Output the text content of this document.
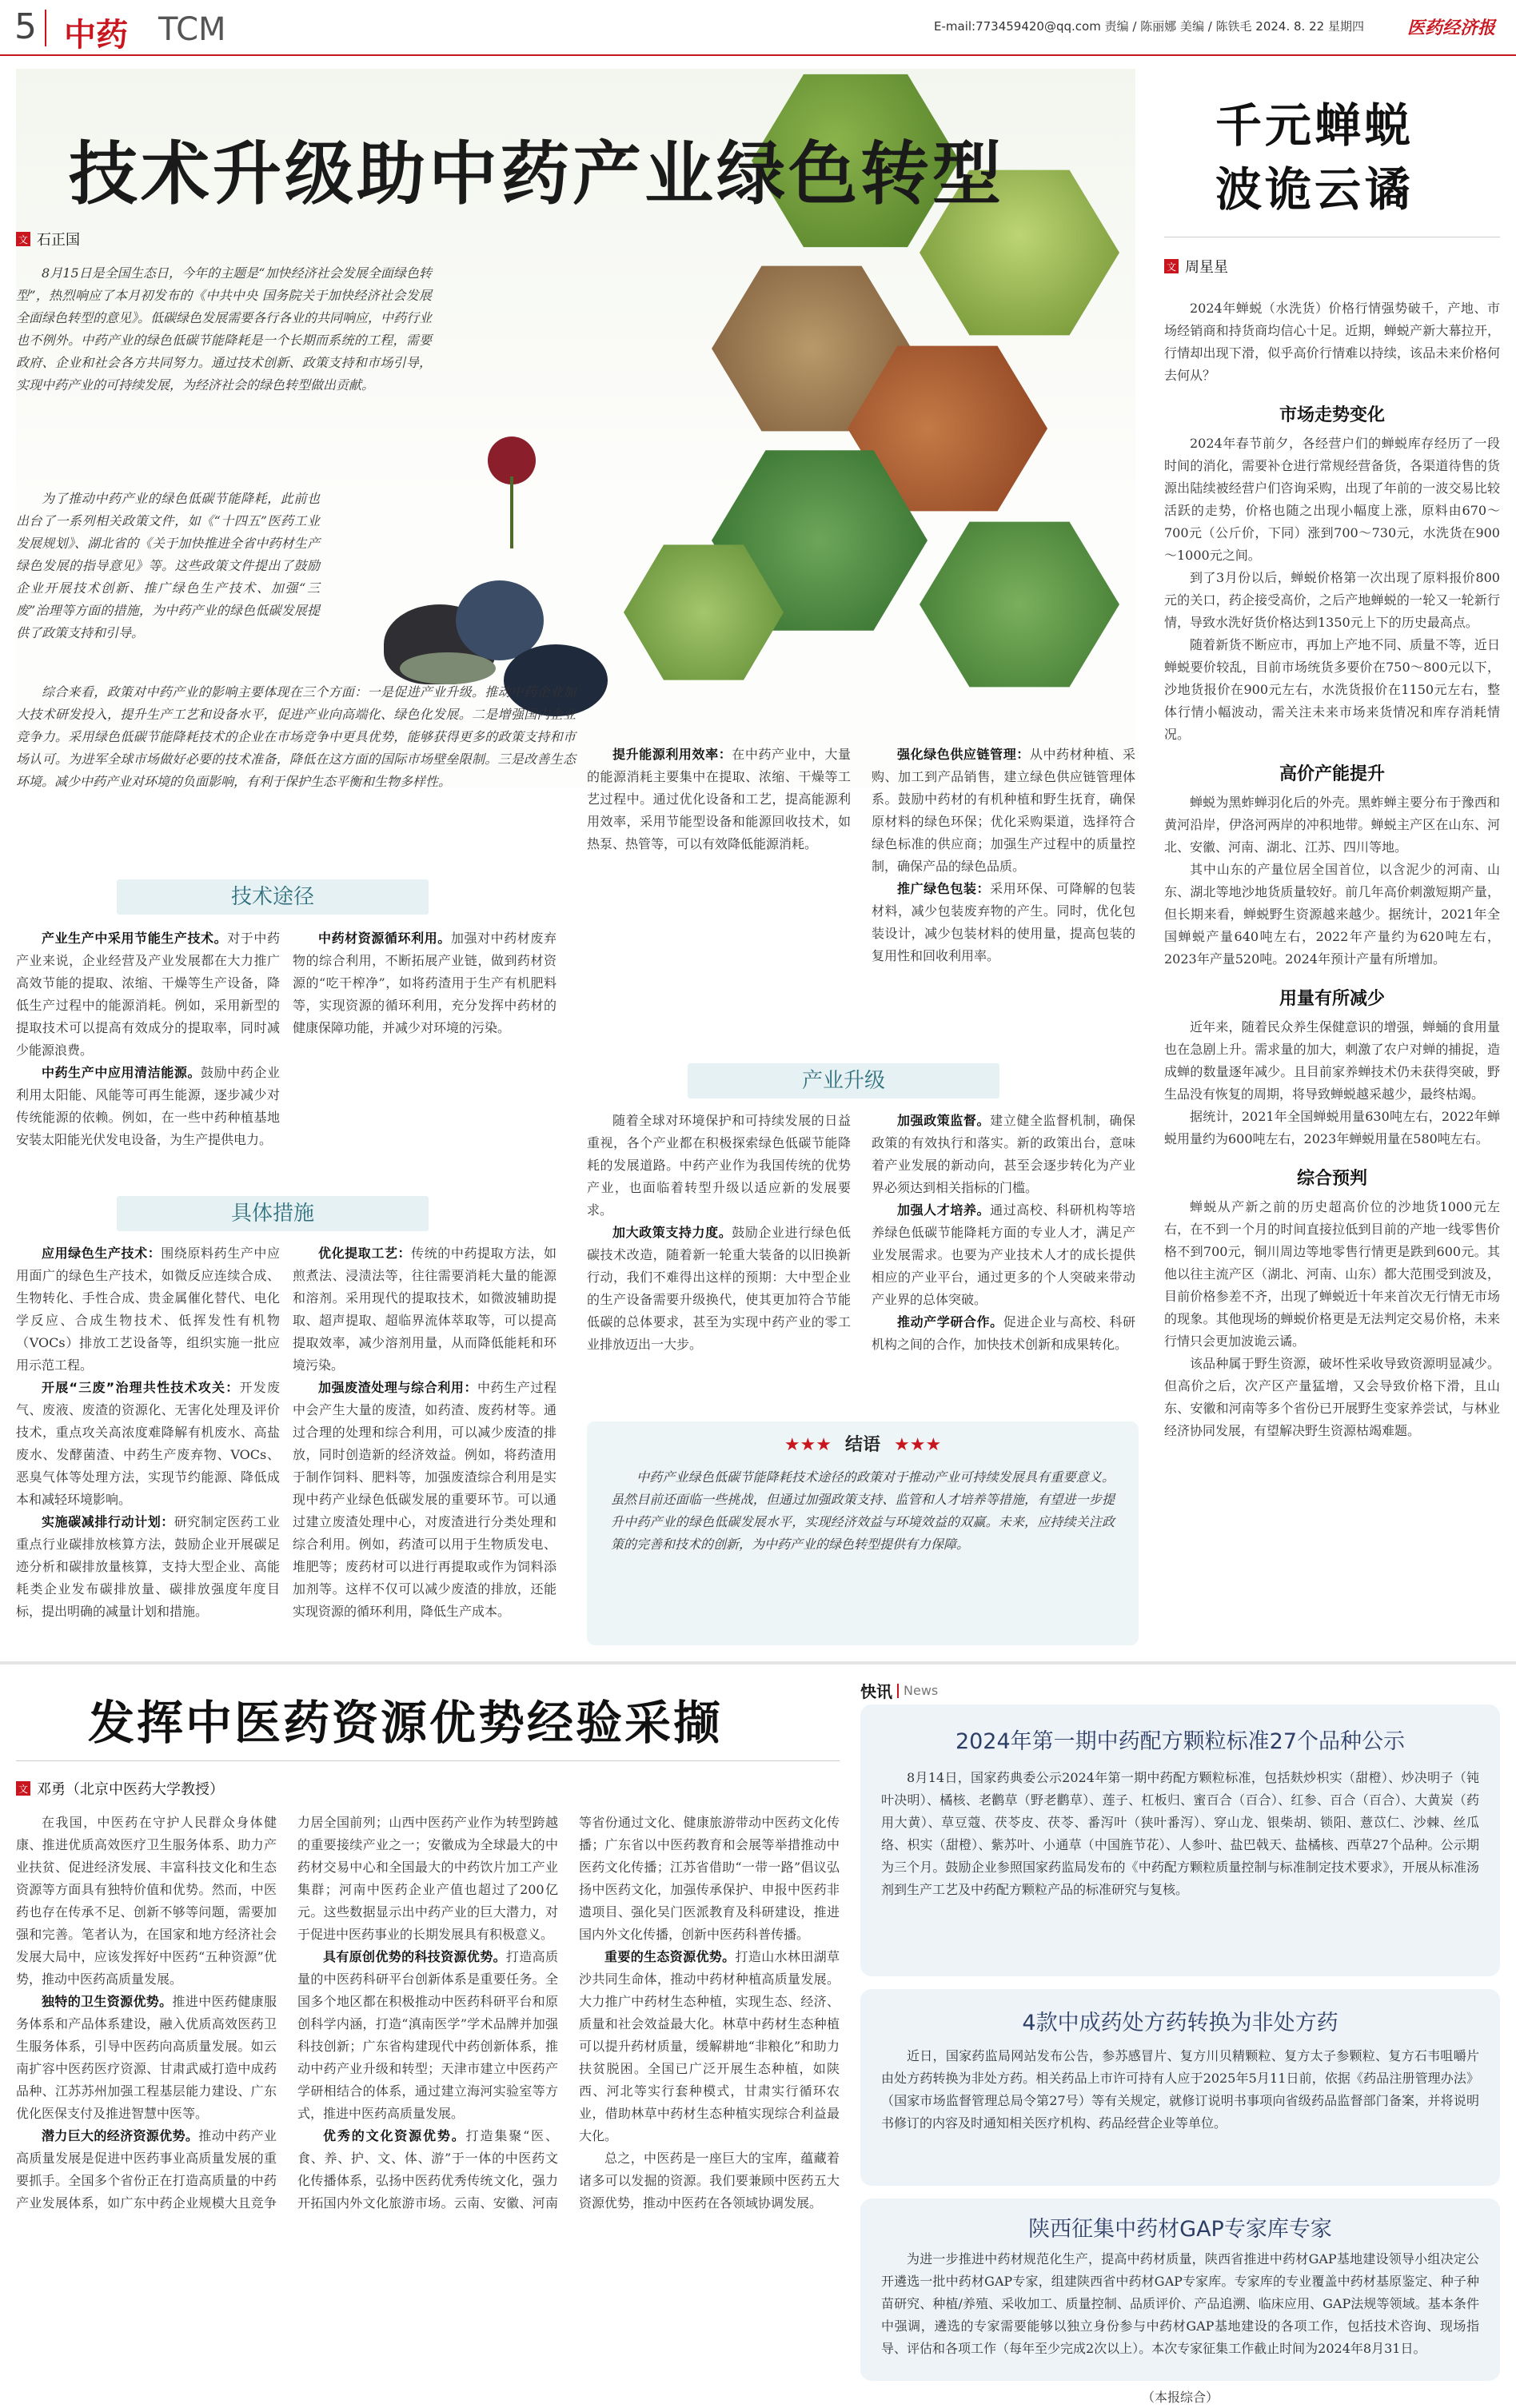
5 中药 TCM	E-mail:773459420@qq.com 责编 / 陈丽娜 美编 / 陈铁毛 2024. 8. 22 星期四 医药经济报
技术升级助中药产业绿色转型
文 石正国
8月15日是全国生态日，今年的主题是“加快经济社会发展全面绿色转型”，热烈响应了本月初发布的《中共中央 国务院关于加快经济社会发展全面绿色转型的意见》。低碳绿色发展需要各行各业的共同响应，中药行业也不例外。中药产业的绿色低碳节能降耗是一个长期而系统的工程，需要政府、企业和社会各方共同努力。通过技术创新、政策支持和市场引导，实现中药产业的可持续发展，为经济社会的绿色转型做出贡献。
为了推动中药产业的绿色低碳节能降耗，此前也出台了一系列相关政策文件，如《“十四五”医药工业发展规划》、湖北省的《关于加快推进全省中药材生产绿色发展的指导意见》等。这些政策文件提出了鼓励企业开展技术创新、推广绿色生产技术、加强“三废”治理等方面的措施，为中药产业的绿色低碳发展提供了政策支持和引导。
综合来看，政策对中药产业的影响主要体现在三个方面：一是促进产业升级。推动中药企业加大技术研发投入，提升生产工艺和设备水平，促进产业向高端化、绿色化发展。二是增强国内企业竞争力。采用绿色低碳节能降耗技术的企业在市场竞争中更具优势，能够获得更多的政策支持和市场认可。为进军全球市场做好必要的技术准备，降低在这方面的国际市场壁垒限制。三是改善生态环境。减少中药产业对环境的负面影响，有利于保护生态平衡和生物多样性。
技术途径
产业生产中采用节能生产技术。对于中药产业来说，企业经营及产业发展都在大力推广高效节能的提取、浓缩、干燥等生产设备，降低生产过程中的能源消耗。例如，采用新型的提取技术可以提高有效成分的提取率，同时减少能源浪费。
中药生产中应用清洁能源。鼓励中药企业利用太阳能、风能等可再生能源，逐步减少对传统能源的依赖。例如，在一些中药种植基地安装太阳能光伏发电设备，为生产提供电力。
中药材资源循环利用。加强对中药材废弃物的综合利用，不断拓展产业链，做到药材资源的“吃干榨净”，如将药渣用于生产有机肥料等，实现资源的循环利用，充分发挥中药材的健康保障功能，并减少对环境的污染。
具体措施
应用绿色生产技术：围绕原料药生产中应用面广的绿色生产技术，如微反应连续合成、生物转化、手性合成、贵金属催化替代、电化学反应、合成生物技术、低挥发性有机物（VOCs）排放工艺设备等，组织实施一批应用示范工程。
开展“三废”治理共性技术攻关：开发废气、废液、废渣的资源化、无害化处理及评价技术，重点攻关高浓度难降解有机废水、高盐废水、发酵菌渣、中药生产废弃物、VOCs、恶臭气体等处理方法，实现节约能源、降低成本和减轻环境影响。
实施碳减排行动计划：研究制定医药工业重点行业碳排放核算方法，鼓励企业开展碳足迹分析和碳排放量核算，支持大型企业、高能耗类企业发布碳排放量、碳排放强度年度目标，提出明确的减量计划和措施。
优化提取工艺：传统的中药提取方法，如煎煮法、浸渍法等，往往需要消耗大量的能源和溶剂。采用现代的提取技术，如微波辅助提取、超声提取、超临界流体萃取等，可以提高提取效率，减少溶剂用量，从而降低能耗和环境污染。
加强废渣处理与综合利用：中药生产过程中会产生大量的废渣，如药渣、废药材等。通过合理的处理和综合利用，可以减少废渣的排放，同时创造新的经济效益。例如，将药渣用于制作饲料、肥料等，加强废渣综合利用是实现中药产业绿色低碳发展的重要环节。可以通过建立废渣处理中心，对废渣进行分类处理和综合利用。例如，药渣可以用于生物质发电、堆肥等；废药材可以进行再提取或作为饲料添加剂等。这样不仅可以减少废渣的排放，还能实现资源的循环利用，降低生产成本。
提升能源利用效率：在中药产业中，大量的能源消耗主要集中在提取、浓缩、干燥等工艺过程中。通过优化设备和工艺，提高能源利用效率，采用节能型设备和能源回收技术，如热泵、热管等，可以有效降低能源消耗。
强化绿色供应链管理：从中药材种植、采购、加工到产品销售，建立绿色供应链管理体系。鼓励中药材的有机种植和野生抚育，确保原材料的绿色环保；优化采购渠道，选择符合绿色标准的供应商；加强生产过程中的质量控制，确保产品的绿色品质。
推广绿色包装：采用环保、可降解的包装材料，减少包装废弃物的产生。同时，优化包装设计，减少包装材料的使用量，提高包装的复用性和回收利用率。
产业升级
随着全球对环境保护和可持续发展的日益重视，各个产业都在积极探索绿色低碳节能降耗的发展道路。中药产业作为我国传统的优势产业，也面临着转型升级以适应新的发展要求。
加大政策支持力度。鼓励企业进行绿色低碳技术改造，随着新一轮重大装备的以旧换新行动，我们不难得出这样的预期：大中型企业的生产设备需要升级换代，使其更加符合节能低碳的总体要求，甚至为实现中药产业的零工业排放迈出一大步。
加强政策监督。建立健全监督机制，确保政策的有效执行和落实。新的政策出台，意味着产业发展的新动向，甚至会逐步转化为产业界必须达到相关指标的门槛。
加强人才培养。通过高校、科研机构等培养绿色低碳节能降耗方面的专业人才，满足产业发展需求。也要为产业技术人才的成长提供相应的产业平台，通过更多的个人突破来带动产业界的总体突破。
推动产学研合作。促进企业与高校、科研机构之间的合作，加快技术创新和成果转化。
★★★ 结语 ★★★
中药产业绿色低碳节能降耗技术途径的政策对于推动产业可持续发展具有重要意义。虽然目前还面临一些挑战，但通过加强政策支持、监管和人才培养等措施，有望进一步提升中药产业的绿色低碳发展水平，实现经济效益与环境效益的双赢。未来，应持续关注政策的完善和技术的创新，为中药产业的绿色转型提供有力保障。
千元蝉蜕
波诡云谲
文 周星星
2024年蝉蜕（水洗货）价格行情强势破千，产地、市场经销商和持货商均信心十足。近期，蝉蜕产新大幕拉开，行情却出现下滑，似乎高价行情难以持续，该品未来价格何去何从？
市场走势变化
2024年春节前夕，各经营户们的蝉蜕库存经历了一段时间的消化，需要补仓进行常规经营备货，各渠道待售的货源出陆续被经营户们咨询采购，出现了年前的一波交易比较活跃的走势，价格也随之出现小幅度上涨，原料由670～700元（公斤价，下同）涨到700～730元，水洗货在900～1000元之间。
到了3月份以后，蝉蜕价格第一次出现了原料报价800元的关口，药企接受高价，之后产地蝉蜕的一轮又一轮新行情，导致水洗好货价格达到1350元上下的历史最高点。
随着新货不断应市，再加上产地不同、质量不等，近日蝉蜕要价较乱，目前市场统货多要价在750～800元以下，沙地货报价在900元左右，水洗货报价在1150元左右，整体行情小幅波动，需关注未来市场来货情况和库存消耗情况。
高价产能提升
蝉蜕为黑蚱蝉羽化后的外壳。黑蚱蝉主要分布于豫西和黄河沿岸，伊洛河两岸的冲积地带。蝉蜕主产区在山东、河北、安徽、河南、湖北、江苏、四川等地。
其中山东的产量位居全国首位，以含泥少的河南、山东、湖北等地沙地货质量较好。前几年高价刺激短期产量，但长期来看，蝉蜕野生资源越来越少。据统计，2021年全国蝉蜕产量640吨左右，2022年产量约为620吨左右，2023年产量520吨。2024年预计产量有所增加。
用量有所减少
近年来，随着民众养生保健意识的增强，蝉蛹的食用量也在急剧上升。需求量的加大，刺激了农户对蝉的捕捉，造成蝉的数量逐年减少。且目前家养蝉技术仍未获得突破，野生品没有恢复的周期，将导致蝉蜕越采越少，最终枯竭。
据统计，2021年全国蝉蜕用量630吨左右，2022年蝉蜕用量约为600吨左右，2023年蝉蜕用量在580吨左右。
综合预判
蝉蜕从产新之前的历史超高价位的沙地货1000元左右，在不到一个月的时间直接拉低到目前的产地一线零售价格不到700元，铜川周边等地零售行情更是跌到600元。其他以往主流产区（湖北、河南、山东）都大范围受到波及，目前价格参差不齐，出现了蝉蜕近十年来首次无行情无市场的现象。其他现场的蝉蜕价格更是无法判定交易价格，未来行情只会更加波诡云谲。
该品种属于野生资源，破坏性采收导致资源明显减少。但高价之后，次产区产量猛增，又会导致价格下滑，且山东、安徽和河南等多个省份已开展野生变家养尝试，与林业经济协同发展，有望解决野生资源枯竭难题。
发挥中医药资源优势经验采撷
文 邓勇（北京中医药大学教授）
在我国，中医药在守护人民群众身体健康、推进优质高效医疗卫生服务体系、助力产业扶贫、促进经济发展、丰富科技文化和生态资源等方面具有独特价值和优势。然而，中医药也存在传承不足、创新不够等问题，需要加强和完善。笔者认为，在国家和地方经济社会发展大局中，应该发挥好中医药“五种资源”优势，推动中医药高质量发展。
独特的卫生资源优势。推进中医药健康服务体系和产品体系建设，融入优质高效医药卫生服务体系，引导中医药向高质量发展。如云南扩容中医药医疗资源、甘肃武威打造中成药品种、江苏苏州加强工程基层能力建设、广东优化医保支付及推进智慧中医等。
潜力巨大的经济资源优势。推动中药产业高质量发展是促进中医药事业高质量发展的重要抓手。全国多个省份正在打造高质量的中药产业发展体系，如广东中药企业规模大且竞争力居全国前列；山西中医药产业作为转型跨越的重要接续产业之一；安徽成为全球最大的中药材交易中心和全国最大的中药饮片加工产业集群；河南中医药企业产值也超过了200亿元。这些数据显示出中药产业的巨大潜力，对于促进中医药事业的长期发展具有积极意义。
具有原创优势的科技资源优势。打造高质量的中医药科研平台创新体系是重要任务。全国多个地区都在积极推动中医药科研平台和原创科学内涵，打造“滇南医学”学术品牌并加强科技创新；广东省构建现代中药创新体系，推动中药产业升级和转型；天津市建立中医药产学研相结合的体系，通过建立海河实验室等方式，推进中医药高质量发展。
优秀的文化资源优势。打造集聚“医、食、养、护、文、体、游”于一体的中医药文化传播体系，弘扬中医药优秀传统文化，强力开拓国内外文化旅游市场。云南、安徽、河南等省份通过文化、健康旅游带动中医药文化传播；广东省以中医药教育和会展等举措推动中医药文化传播；江苏省借助“一带一路”倡议弘扬中医药文化，加强传承保护、申报中医药非遗项目、强化吴门医派教育及科研建设，推进国内外文化传播，创新中医药科普传播。
重要的生态资源优势。打造山水林田湖草沙共同生命体，推动中药材种植高质量发展。大力推广中药材生态种植，实现生态、经济、质量和社会效益最大化。林草中药材生态种植可以提升药材质量，缓解耕地“非粮化”和助力扶贫脱困。全国已广泛开展生态种植，如陕西、河北等实行套种模式，甘肃实行循环农业，借助林草中药材生态种植实现综合利益最大化。
总之，中医药是一座巨大的宝库，蕴藏着诸多可以发掘的资源。我们要兼顾中医药五大资源优势，推动中医药在各领域协调发展。
快讯 News
2024年第一期中药配方颗粒标准27个品种公示
8月14日，国家药典委公示2024年第一期中药配方颗粒标准，包括麸炒枳实（甜橙）、炒决明子（钝叶决明）、橘核、老鹳草（野老鹳草）、莲子、杠板归、蜜百合（百合）、红参、百合（百合）、大黄炭（药用大黄）、草豆蔻、茯苓皮、茯苓、番泻叶（狭叶番泻）、穿山龙、银柴胡、锁阳、薏苡仁、沙棘、丝瓜络、枳实（甜橙）、紫苏叶、小通草（中国旌节花）、人参叶、盐巴戟天、盐橘核、西草27个品种。公示期为三个月。鼓励企业参照国家药监局发布的《中药配方颗粒质量控制与标准制定技术要求》，开展从标准汤剂到生产工艺及中药配方颗粒产品的标准研究与复核。
4款中成药处方药转换为非处方药
近日，国家药监局网站发布公告，参苏感冒片、复方川贝精颗粒、复方太子参颗粒、复方石韦咀嚼片由处方药转换为非处方药。相关药品上市许可持有人应于2025年5月11日前，依据《药品注册管理办法》（国家市场监督管理总局令第27号）等有关规定，就修订说明书事项向省级药品监督部门备案，并将说明书修订的内容及时通知相关医疗机构、药品经营企业等单位。
陕西征集中药材GAP专家库专家
为进一步推进中药材规范化生产，提高中药材质量，陕西省推进中药材GAP基地建设领导小组决定公开遴选一批中药材GAP专家，组建陕西省中药材GAP专家库。专家库的专业覆盖中药材基原鉴定、种子种苗研究、种植/养殖、采收加工、质量控制、品质评价、产品追溯、临床应用、GAP法规等领域。基本条件中强调，遴选的专家需要能够以独立身份参与中药材GAP基地建设的各项工作，包括技术咨询、现场指导、评估和各项工作（每年至少完成2次以上）。本次专家征集工作截止时间为2024年8月31日。
（本报综合）
